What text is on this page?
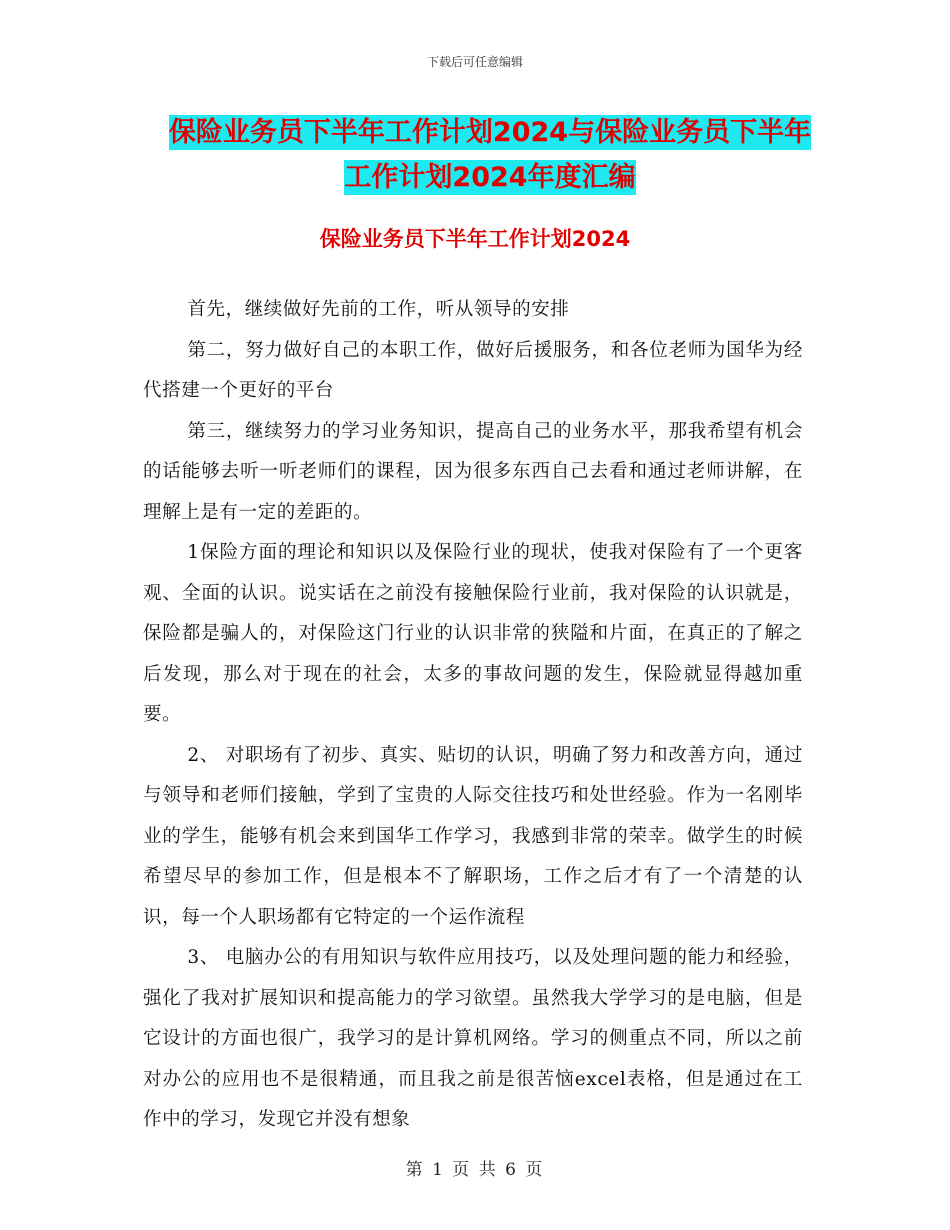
下载后可任意编辑
保险业务员下半年工作计划2024与保险业务员下半年
工作计划2024年度汇编
保险业务员下半年工作计划2024

首先，继续做好先前的工作，听从领导的安排

第二，努力做好自己的本职工作，做好后援服务，和各位老师为国华为经代搭建一个更好的平台

第三，继续努力的学习业务知识，提高自己的业务水平，那我希望有机会的话能够去听一听老师们的课程，因为很多东西自己去看和通过老师讲解，在理解上是有一定的差距的。

1保险方面的理论和知识以及保险行业的现状，使我对保险有了一个更客观、全面的认识。说实话在之前没有接触保险行业前，我对保险的认识就是，保险都是骗人的，对保险这门行业的认识非常的狭隘和片面，在真正的了解之后发现，那么对于现在的社会，太多的事故问题的发生，保险就显得越加重要。

2、 对职场有了初步、真实、贴切的认识，明确了努力和改善方向，通过与领导和老师们接触，学到了宝贵的人际交往技巧和处世经验。作为一名刚毕业的学生，能够有机会来到国华工作学习，我感到非常的荣幸。做学生的时候希望尽早的参加工作，但是根本不了解职场，工作之后才有了一个清楚的认识，每一个人职场都有它特定的一个运作流程

3、 电脑办公的有用知识与软件应用技巧，以及处理问题的能力和经验，强化了我对扩展知识和提高能力的学习欲望。虽然我大学学习的是电脑，但是它设计的方面也很广，我学习的是计算机网络。学习的侧重点不同，所以之前对办公的应用也不是很精通，而且我之前是很苦恼excel表格，但是通过在工作中的学习，发现它并没有想象

第 1 页 共 6 页
